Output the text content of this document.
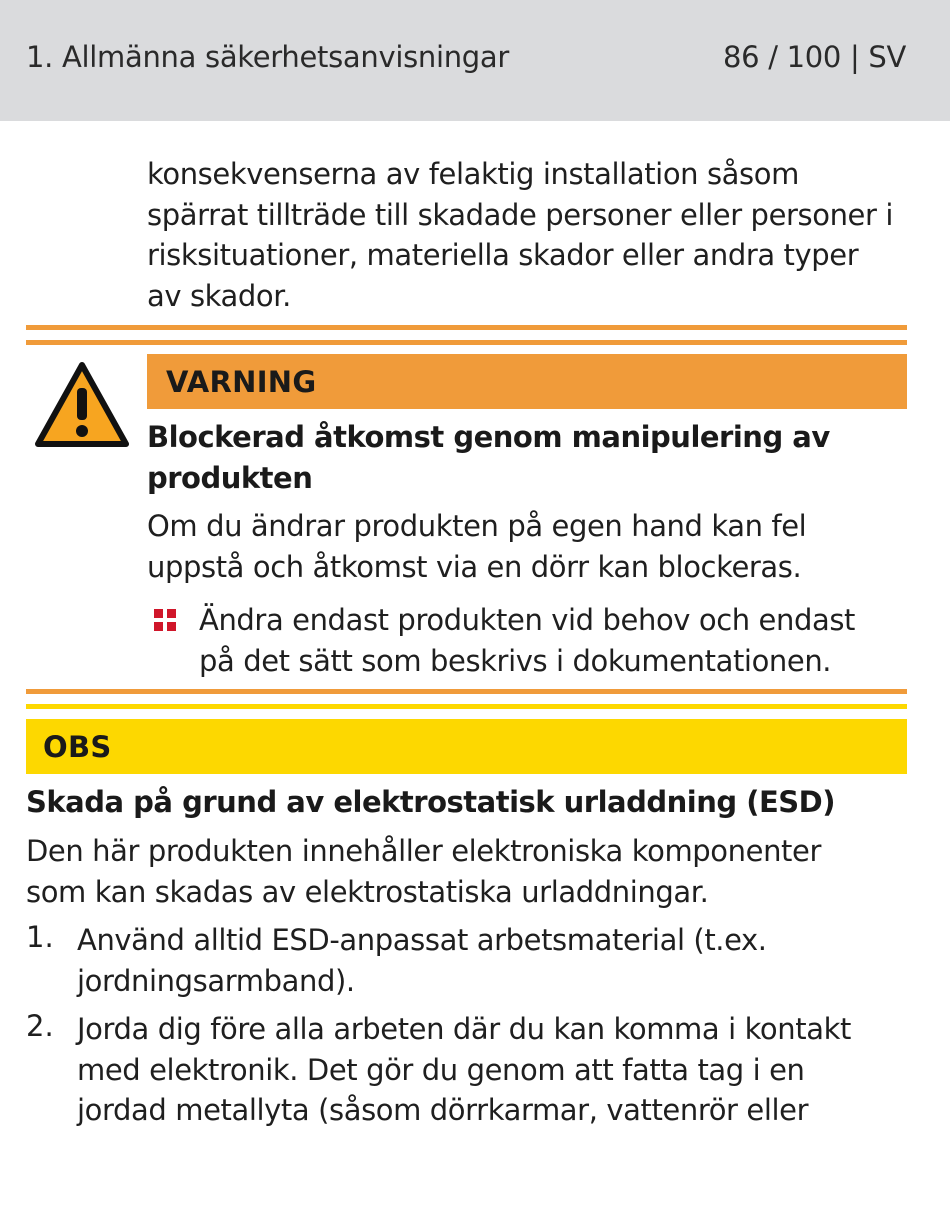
1. Allmänna säkerhetsanvisningar	86 / 100 | SV
konsekvenserna av felaktig installation såsom
spärrat tillträde till skadade personer eller personer i
risksituationer, materiella skador eller andra typer
av skador.
VARNING
Blockerad åtkomst genom manipulering av
produkten
Om du ändrar produkten på egen hand kan fel
uppstå och åtkomst via en dörr kan blockeras.
Ändra endast produkten vid behov och endast
på det sätt som beskrivs i dokumentationen.
OBS
Skada på grund av elektrostatisk urladdning (ESD)
Den här produkten innehåller elektroniska komponenter
som kan skadas av elektrostatiska urladdningar.
1. Använd alltid ESD-anpassat arbetsmaterial (t.ex.
jordningsarmband).
2. Jorda dig före alla arbeten där du kan komma i kontakt
med elektronik. Det gör du genom att fatta tag i en
jordad metallyta (såsom dörrkarmar, vattenrör eller
